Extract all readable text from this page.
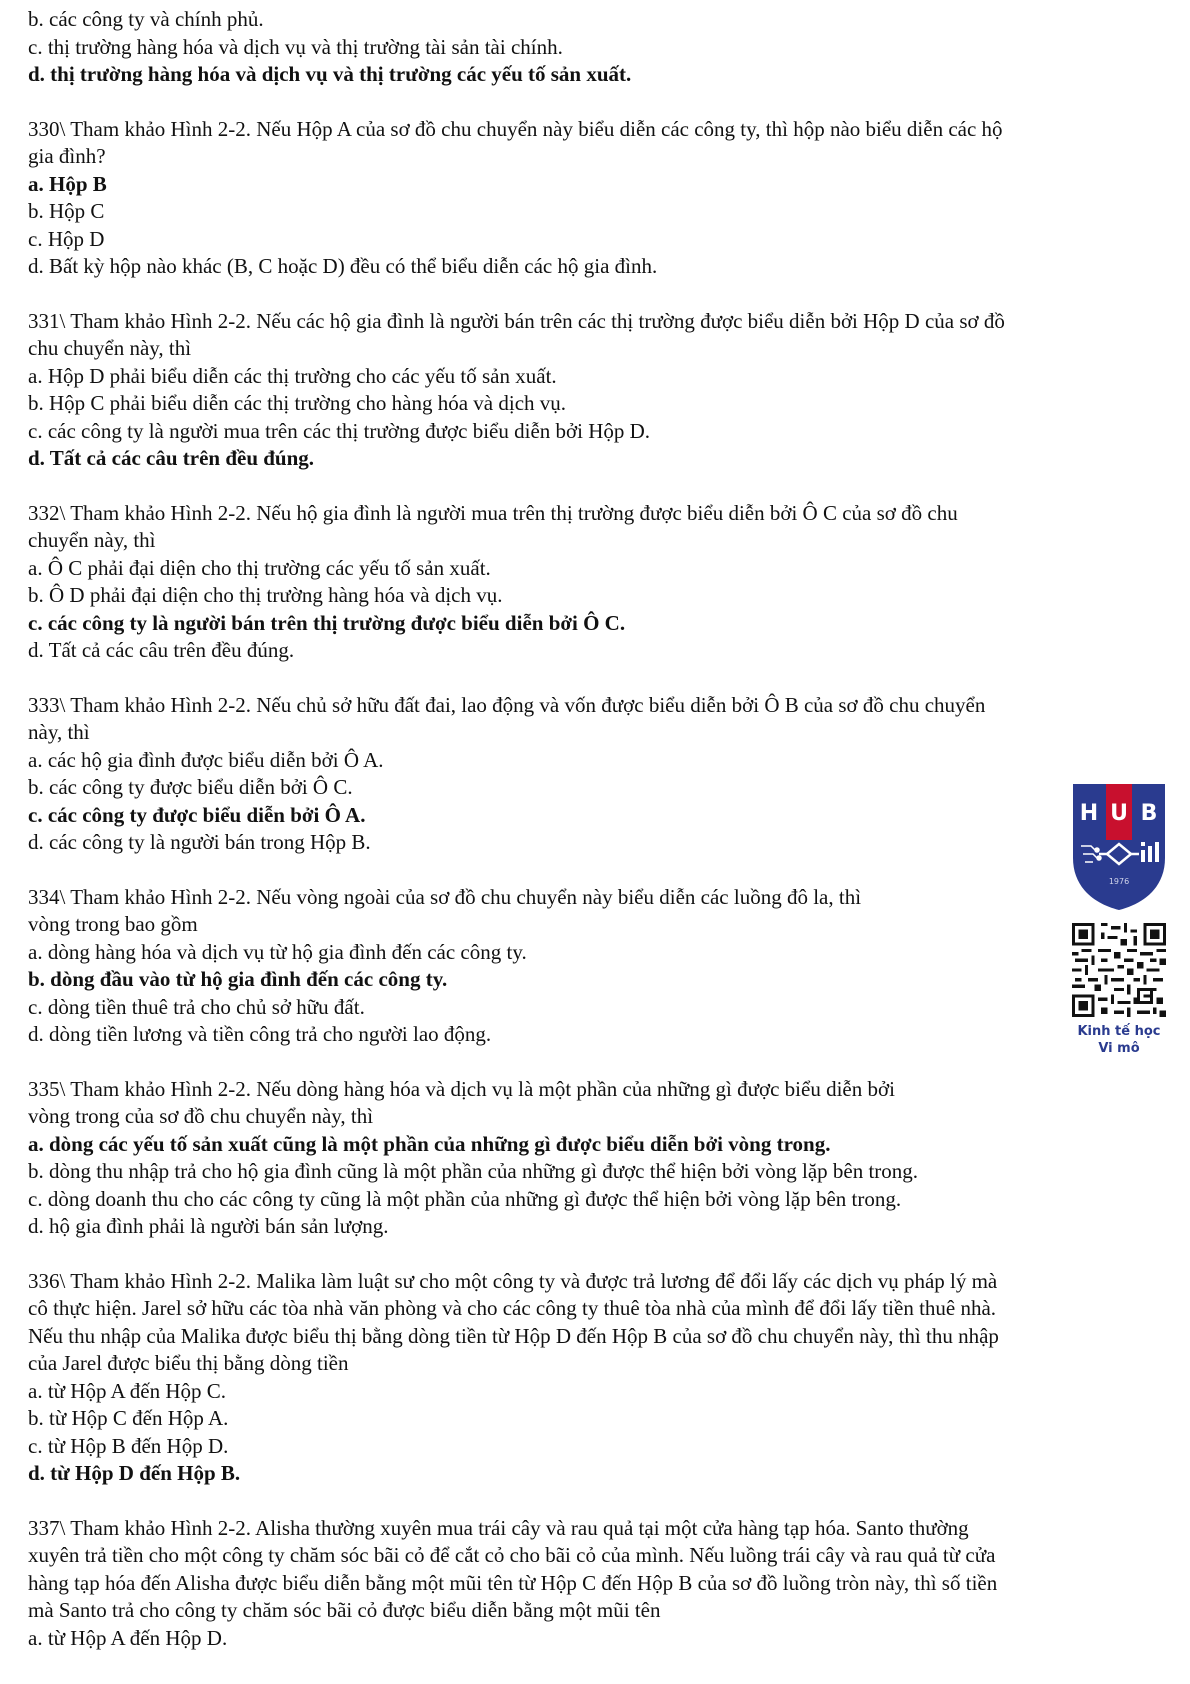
b. các công ty và chính phủ.
c. thị trường hàng hóa và dịch vụ và thị trường tài sản tài chính.
d. thị trường hàng hóa và dịch vụ và thị trường các yếu tố sản xuất.
330\ Tham khảo Hình 2-2. Nếu Hộp A của sơ đồ chu chuyển này biểu diễn các công ty, thì hộp nào biểu diễn các hộ
gia đình?
a. Hộp B
b. Hộp C
c. Hộp D
d. Bất kỳ hộp nào khác (B, C hoặc D) đều có thể biểu diễn các hộ gia đình.
331\ Tham khảo Hình 2-2. Nếu các hộ gia đình là người bán trên các thị trường được biểu diễn bởi Hộp D của sơ đồ
chu chuyển này, thì
a. Hộp D phải biểu diễn các thị trường cho các yếu tố sản xuất.
b. Hộp C phải biểu diễn các thị trường cho hàng hóa và dịch vụ.
c. các công ty là người mua trên các thị trường được biểu diễn bởi Hộp D.
d. Tất cả các câu trên đều đúng.
332\ Tham khảo Hình 2-2. Nếu hộ gia đình là người mua trên thị trường được biểu diễn bởi Ô C của sơ đồ chu
chuyển này, thì
a. Ô C phải đại diện cho thị trường các yếu tố sản xuất.
b. Ô D phải đại diện cho thị trường hàng hóa và dịch vụ.
c. các công ty là người bán trên thị trường được biểu diễn bởi Ô C.
d. Tất cả các câu trên đều đúng.
333\ Tham khảo Hình 2-2. Nếu chủ sở hữu đất đai, lao động và vốn được biểu diễn bởi Ô B của sơ đồ chu chuyển
này, thì
a. các hộ gia đình được biểu diễn bởi Ô A.
b. các công ty được biểu diễn bởi Ô C.
c. các công ty được biểu diễn bởi Ô A.
d. các công ty là người bán trong Hộp B.
334\ Tham khảo Hình 2-2. Nếu vòng ngoài của sơ đồ chu chuyển này biểu diễn các luồng đô la, thì
vòng trong bao gồm
a. dòng hàng hóa và dịch vụ từ hộ gia đình đến các công ty.
b. dòng đầu vào từ hộ gia đình đến các công ty.
c. dòng tiền thuê trả cho chủ sở hữu đất.
d. dòng tiền lương và tiền công trả cho người lao động.
335\ Tham khảo Hình 2-2. Nếu dòng hàng hóa và dịch vụ là một phần của những gì được biểu diễn bởi
vòng trong của sơ đồ chu chuyển này, thì
a. dòng các yếu tố sản xuất cũng là một phần của những gì được biểu diễn bởi vòng trong.
b. dòng thu nhập trả cho hộ gia đình cũng là một phần của những gì được thể hiện bởi vòng lặp bên trong.
c. dòng doanh thu cho các công ty cũng là một phần của những gì được thể hiện bởi vòng lặp bên trong.
d. hộ gia đình phải là người bán sản lượng.
336\ Tham khảo Hình 2-2. Malika làm luật sư cho một công ty và được trả lương để đổi lấy các dịch vụ pháp lý mà
cô thực hiện. Jarel sở hữu các tòa nhà văn phòng và cho các công ty thuê tòa nhà của mình để đổi lấy tiền thuê nhà.
Nếu thu nhập của Malika được biểu thị bằng dòng tiền từ Hộp D đến Hộp B của sơ đồ chu chuyển này, thì thu nhập
của Jarel được biểu thị bằng dòng tiền
a. từ Hộp A đến Hộp C.
b. từ Hộp C đến Hộp A.
c. từ Hộp B đến Hộp D.
d. từ Hộp D đến Hộp B.
337\ Tham khảo Hình 2-2. Alisha thường xuyên mua trái cây và rau quả tại một cửa hàng tạp hóa. Santo thường
xuyên trả tiền cho một công ty chăm sóc bãi cỏ để cắt cỏ cho bãi cỏ của mình. Nếu luồng trái cây và rau quả từ cửa
hàng tạp hóa đến Alisha được biểu diễn bằng một mũi tên từ Hộp C đến Hộp B của sơ đồ luồng tròn này, thì số tiền
mà Santo trả cho công ty chăm sóc bãi cỏ được biểu diễn bằng một mũi tên
a. từ Hộp A đến Hộp D.
H U B
1976
Kinh tế học
Vi mô
